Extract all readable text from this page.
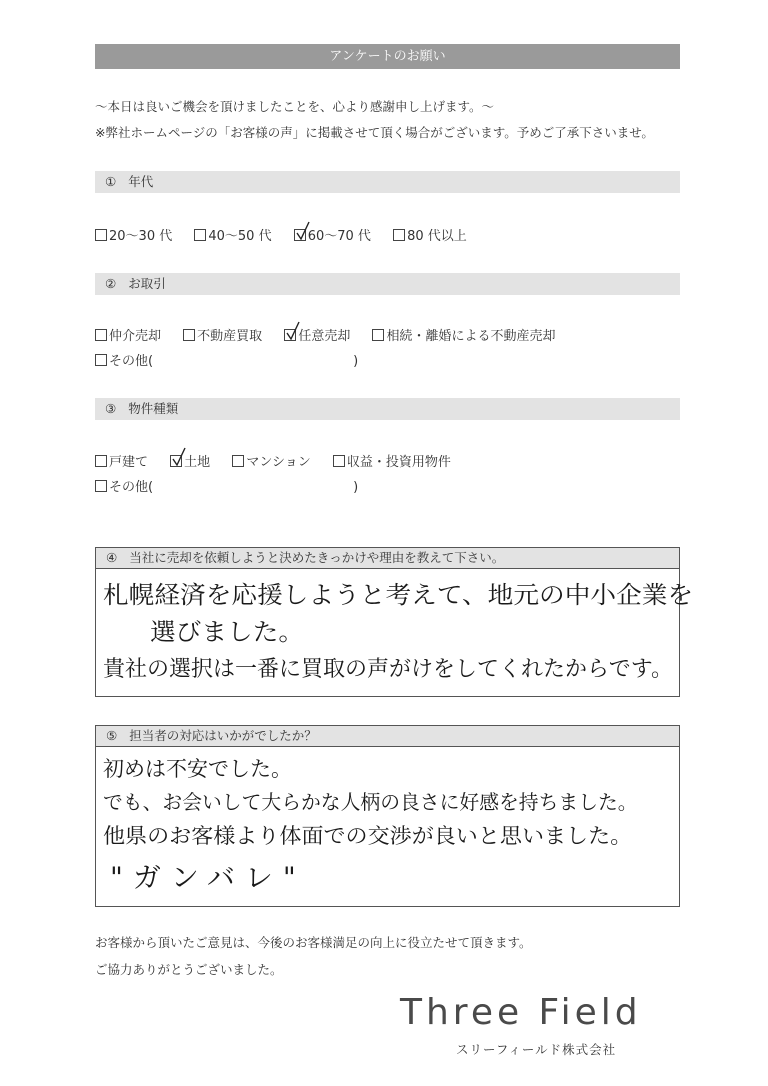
アンケートのお願い
～本日は良いご機会を頂けましたことを、心より感謝申し上げます。～
※弊社ホームページの「お客様の声」に掲載させて頂く場合がございます。予めご了承下さいませ。
① 年代
20～30 代	40～50 代	60～70 代	80 代以上
② お取引
仲介売却	不動産買取	任意売却	相続・離婚による不動産売却
その他(	)
③ 物件種類
戸建て	土地	マンション	収益・投資用物件
その他(	)
④ 当社に売却を依頼しようと決めたきっかけや理由を教えて下さい。
札幌経済を応援しようと考えて、地元の中小企業を
選びました。
貴社の選択は一番に買取の声がけをしてくれたからです。
⑤ 担当者の対応はいかがでしたか？
初めは不安でした。
でも、お会いして大らかな人柄の良さに好感を持ちました。
他県のお客様より体面での交渉が良いと思いました。
"ガンバレ"
お客様から頂いたご意見は、今後のお客様満足の向上に役立たせて頂きます。
ご協力ありがとうございました。
Three Field
スリーフィールド株式会社
